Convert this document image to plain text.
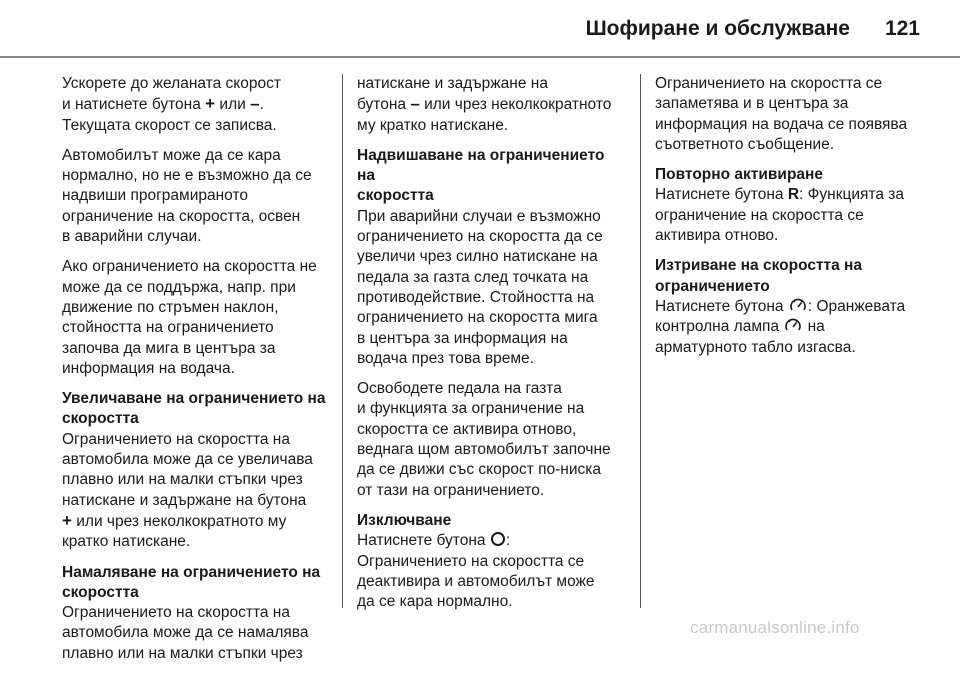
Шофиране и обслужване 121

Ускорете до желаната скорост
и натиснете бутона + или –.
Текущата скорост се записва.

Автомобилът може да се кара
нормално, но не е възможно да се
надвиши програмираното
ограничение на скоростта, освен
в аварийни случаи.

Ако ограничението на скоростта не
може да се поддържа, напр. при
движение по стръмен наклон,
стойността на ограничението
започва да мига в центъра за
информация на водача.

Увеличаване на ограничението на
скоростта

Ограничението на скоростта на
автомобила може да се увеличава
плавно или на малки стъпки чрез
натискане и задържане на бутона
+ или чрез неколкократното му
кратко натискане.

Намаляване на ограничението на
скоростта

Ограничението на скоростта на
автомобила може да се намалява
плавно или на малки стъпки чрез

натискане и задържане на
бутона – или чрез неколкократното
му кратко натискане.

Надвишаване на ограничението на
скоростта

При аварийни случаи е възможно
ограничението на скоростта да се
увеличи чрез силно натискане на
педала за газта след точката на
противодействие. Стойността на
ограничението на скоростта мига
в центъра за информация на
водача през това време.

Освободете педала на газта
и функцията за ограничение на
скоростта се активира отново,
веднага щом автомобилът започне
да се движи със скорост по-ниска
от тази на ограничението.

Изключване

Натиснете бутона :
Ограничението на скоростта се
деактивира и автомобилът може
да се кара нормално.

Ограничението на скоростта се
запаметява и в центъра за
информация на водача се появява
съответното съобщение.

Повторно активиране

Натиснете бутона R: Функцията за
ограничение на скоростта се
активира отново.

Изтриване на скоростта на
ограничението

Натиснете бутона : Оранжевата
контролна лампа  на
арматурното табло изгасва.

carmanualsonline.info
